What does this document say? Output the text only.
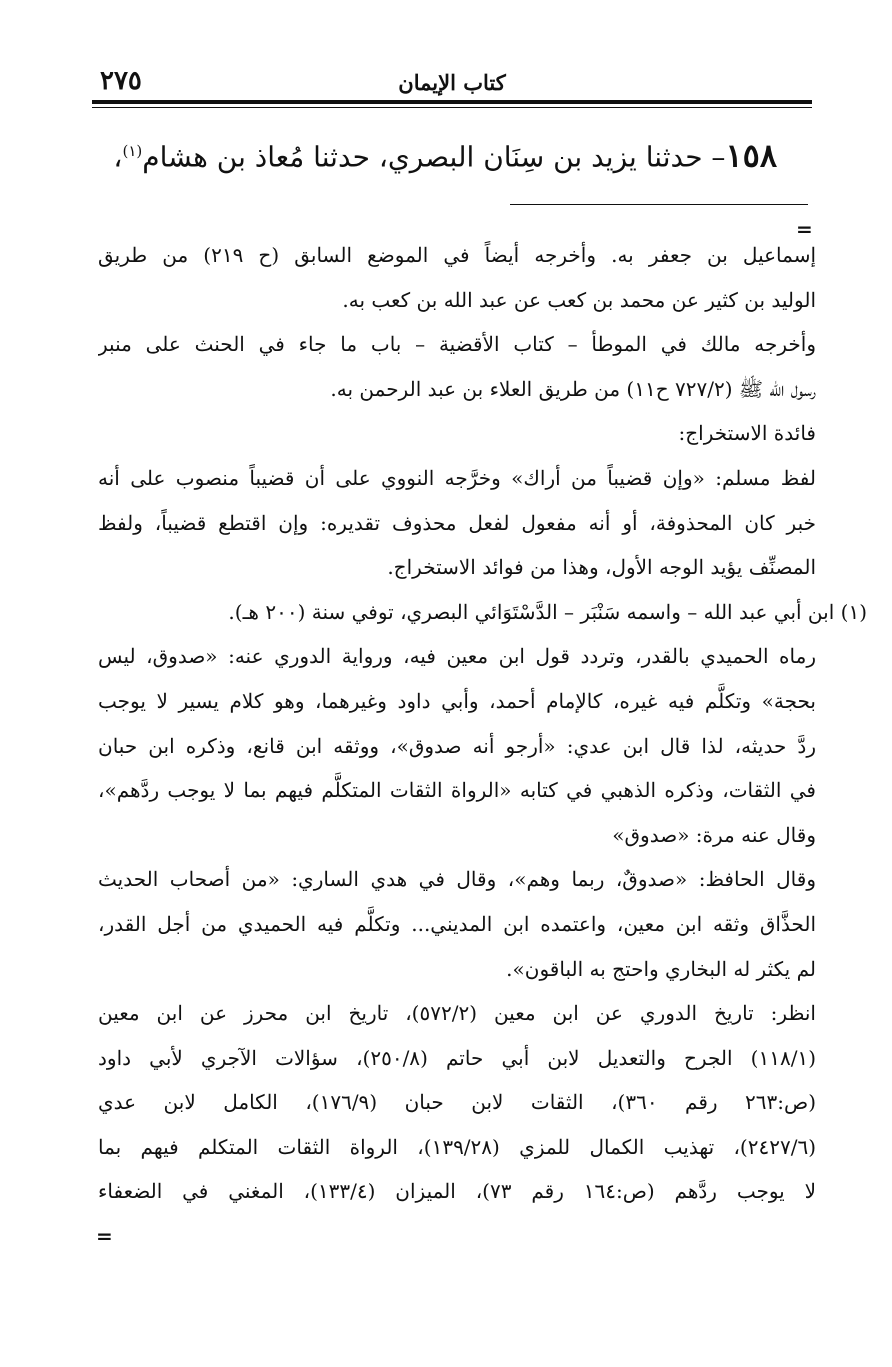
٢٧٥	كتاب الإيمان
١٥٨– حدثنا يزيد بن سِنَان البصري، حدثنا مُعاذ بن هشام$^{(١)}$،
=
إسماعيل بن جعفر به. وأخرجه أيضاً في الموضع السابق (ح ٢١٩) من طريق
الوليد بن كثير عن محمد بن كعب عن عبد الله بن كعب به.
وأخرجه مالك في الموطأ – كتاب الأقضية – باب ما جاء في الحنث على منبر
رسول الله ﷺ (٧٢٧/٢ ح١١) من طريق العلاء بن عبد الرحمن به.
فائدة الاستخراج:
لفظ مسلم: «وإن قضيباً من أراك» وخرَّجه النووي على أن قضيباً منصوب على أنه
خبر كان المحذوفة، أو أنه مفعول لفعل محذوف تقديره: وإن اقتطع قضيباً، ولفظ
المصنِّف يؤيد الوجه الأول، وهذا من فوائد الاستخراج.
(١) ابن أبي عبد الله – واسمه سَنْبَر – الدَّسْتَوَائي البصري، توفي سنة (٢٠٠ هـ).
رماه الحميدي بالقدر، وتردد قول ابن معين فيه، ورواية الدوري عنه: «صدوق، ليس
بحجة» وتكلَّم فيه غيره، كالإمام أحمد، وأبي داود وغيرهما، وهو كلام يسير لا يوجب
ردَّ حديثه، لذا قال ابن عدي: «أرجو أنه صدوق»، ووثقه ابن قانع، وذكره ابن حبان
في الثقات، وذكره الذهبي في كتابه «الرواة الثقات المتكلَّم فيهم بما لا يوجب ردَّهم»،
وقال عنه مرة: «صدوق»
وقال الحافظ: «صدوقٌ، ربما وهم»، وقال في هدي الساري: «من أصحاب الحديث
الحذَّاق وثقه ابن معين، واعتمده ابن المديني... وتكلَّم فيه الحميدي من أجل القدر،
لم يكثر له البخاري واحتج به الباقون».
انظر: تاريخ الدوري عن ابن معين (٥٧٢/٢)، تاريخ ابن محرز عن ابن معين
(١١٨/١) الجرح والتعديل لابن أبي حاتم (٢٥٠/٨)، سؤالات الآجري لأبي داود
(ص:٢٦٣ رقم ٣٦٠)، الثقات لابن حبان (١٧٦/٩)، الكامل لابن عدي
(٢٤٢٧/٦)، تهذيب الكمال للمزي (١٣٩/٢٨)، الرواة الثقات المتكلم فيهم بما
لا يوجب ردَّهم (ص:١٦٤ رقم ٧٣)، الميزان (١٣٣/٤)، المغني في الضعفاء
=
